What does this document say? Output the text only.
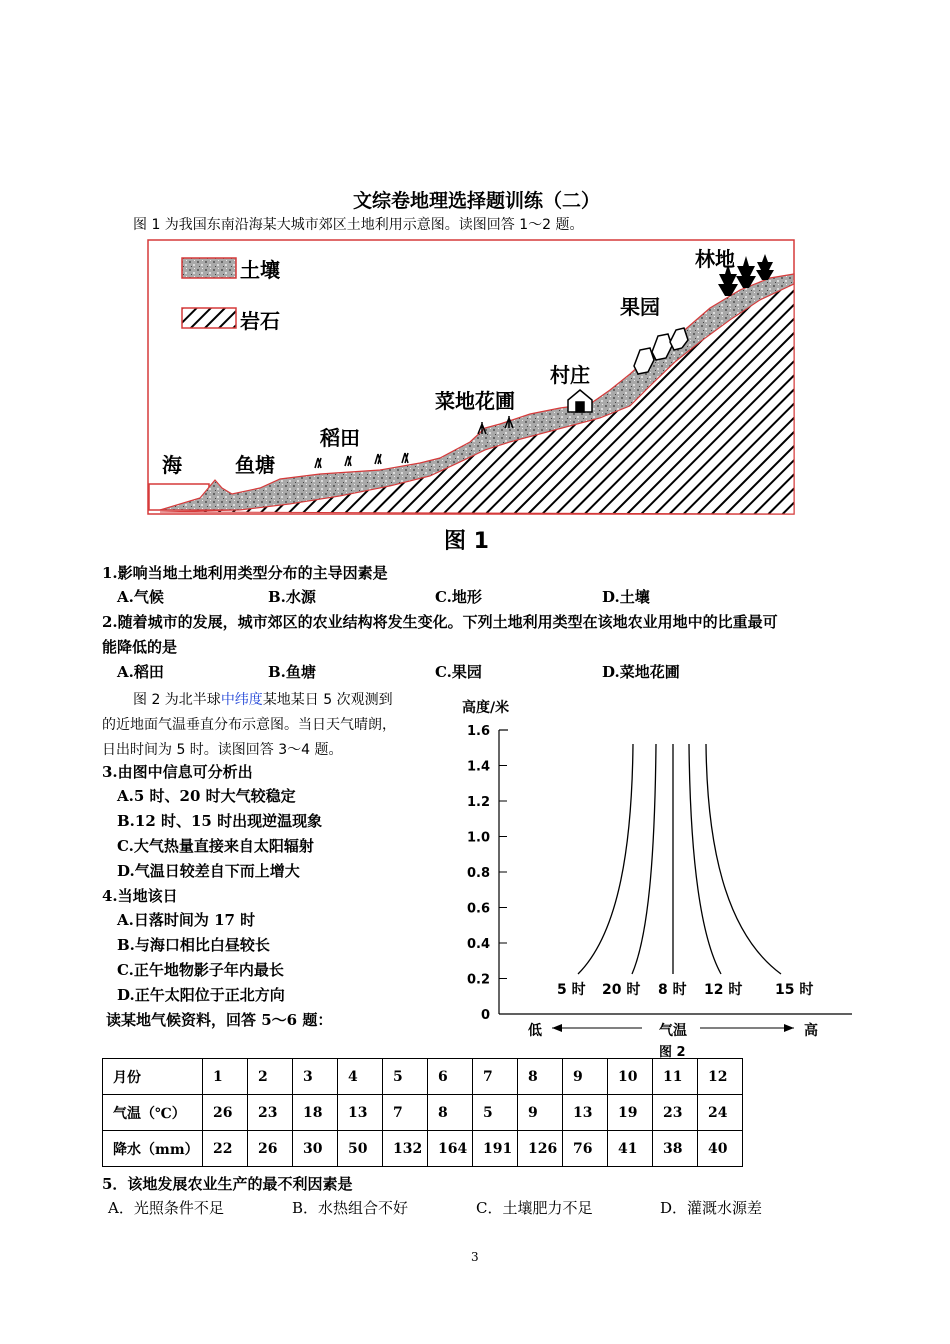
文综卷地理选择题训练（二）
图 1 为我国东南沿海某大城市郊区土地利用示意图。读图回答 1～2 题。
土壤
岩石
海	鱼塘
稻田
菜地花圃
村庄
果园
林地
图 1
1.影响当地土地利用类型分布的主导因素是
A.气候	B.水源	C.地形	D.土壤
2.随着城市的发展，城市郊区的农业结构将发生变化。下列土地利用类型在该地农业用地中的比重最可
能降低的是
A.稻田	B.鱼塘	C.果园	D.菜地花圃
图 2 为北半球中纬度某地某日 5 次观测到
的近地面气温垂直分布示意图。当日天气晴朗，
日出时间为 5 时。读图回答 3～4 题。
3.由图中信息可分析出
A.5 时、20 时大气较稳定
B.12 时、15 时出现逆温现象
C.大气热量直接来自太阳辐射
D.气温日较差自下而上增大
4.当地该日
A.日落时间为 17 时
B.与海口相比白昼较长
C.正午地物影子年内最长
D.正午太阳位于正北方向
读某地气候资料，回答 5～6 题：
高度/米
1.6
1.4
1.2
1.0
0.8
0.6
0.4
0.2
0
5 时 20 时 8 时 12 时 15 时
低	气温	高
图 2
月份	1	2	3	4	5	6	7	8	9	10	11	12
气温（℃）	26	23	18	13	7	8	5	9	13	19	23	24
降水（mm）	22	26	30	50	132	164	191	126	76	41	38	40
5．该地发展农业生产的最不利因素是
A．光照条件不足	B．水热组合不好	C．土壤肥力不足	D．灌溉水源差
3
